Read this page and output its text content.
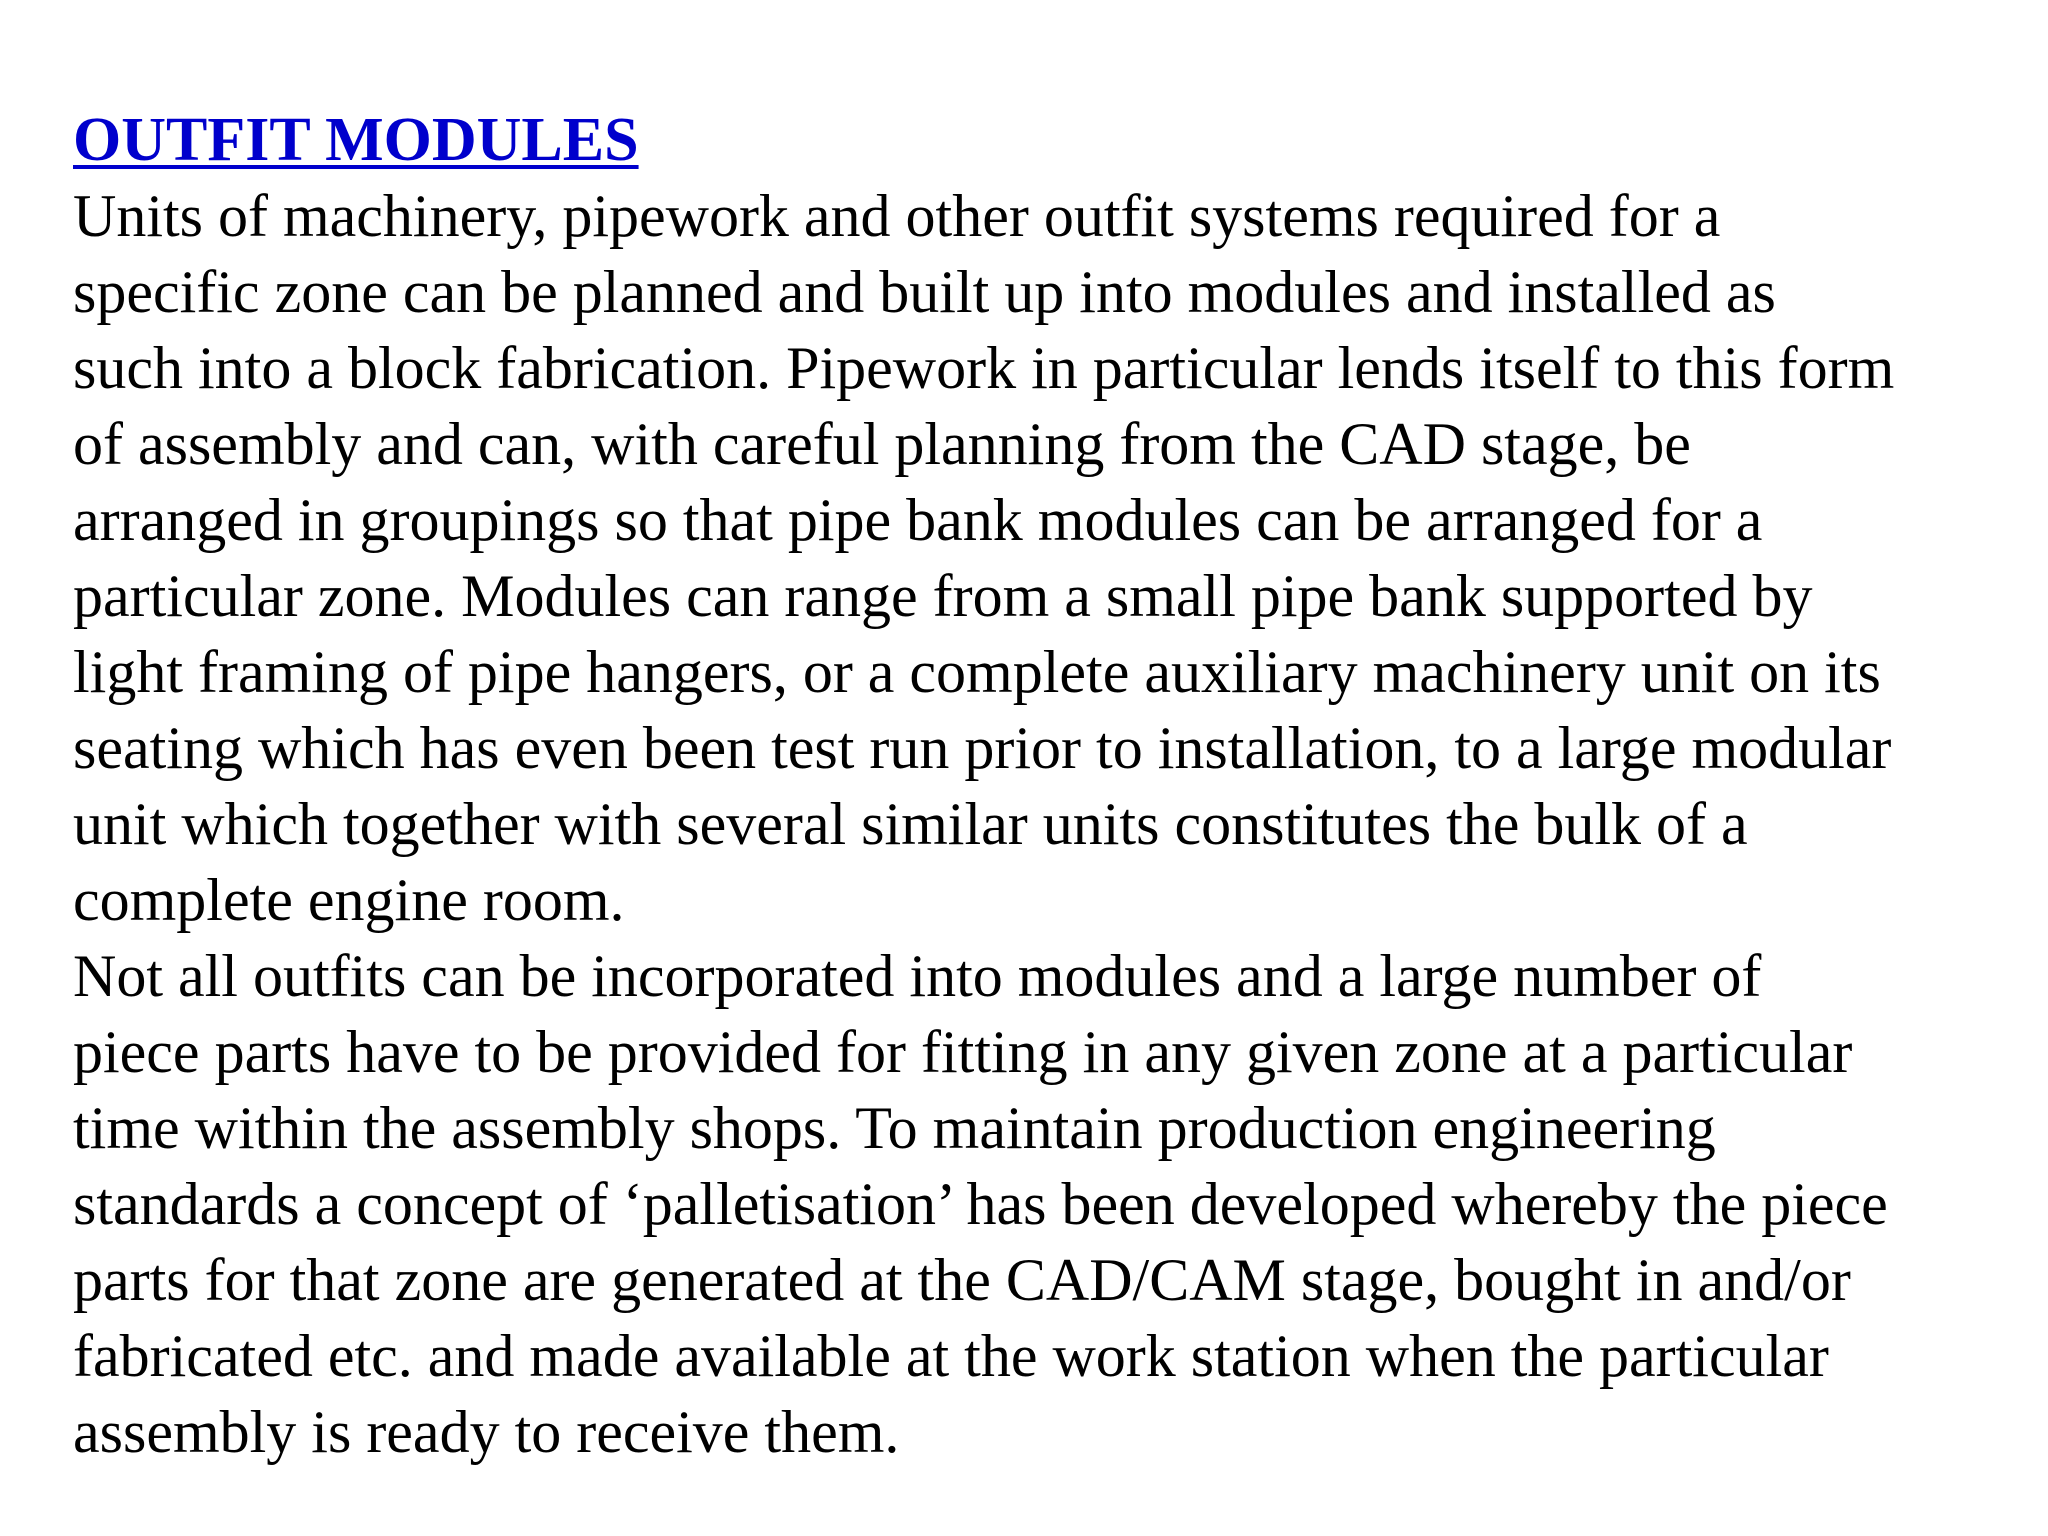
OUTFIT MODULES

Units of machinery, pipework and other outfit systems required for a
specific zone can be planned and built up into modules and installed as
such into a block fabrication. Pipework in particular lends itself to this form
of assembly and can, with careful planning from the CAD stage, be
arranged in groupings so that pipe bank modules can be arranged for a
particular zone. Modules can range from a small pipe bank supported by
light framing of pipe hangers, or a complete auxiliary machinery unit on its
seating which has even been test run prior to installation, to a large modular
unit which together with several similar units constitutes the bulk of a
complete engine room.

Not all outfits can be incorporated into modules and a large number of
piece parts have to be provided for fitting in any given zone at a particular
time within the assembly shops. To maintain production engineering
standards a concept of ‘palletisation’ has been developed whereby the piece
parts for that zone are generated at the CAD/CAM stage, bought in and/or
fabricated etc. and made available at the work station when the particular
assembly is ready to receive them.
